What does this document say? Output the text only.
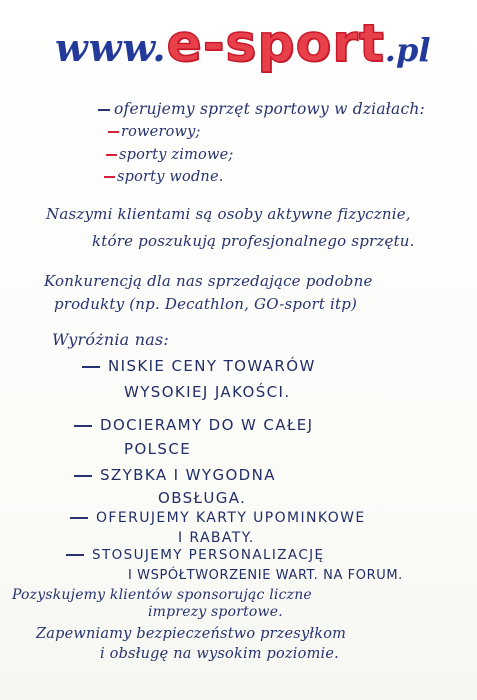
www.e-sport.pl
oferujemy sprzęt sportowy w działach:
rowerowy;
sporty zimowe;
sporty wodne.
Naszymi klientami są osoby aktywne fizycznie,
które poszukują profesjonalnego sprzętu.
Konkurencją dla nas sprzedające podobne
produkty (np. Decathlon, GO-sport itp)
Wyróżnia nas:
NISKIE CENY TOWARÓW
WYSOKIEJ JAKOŚCI.
DOCIERAMY DO W CAŁEJ
POLSCE
SZYBKA I WYGODNA
OBSŁUGA.
OFERUJEMY KARTY UPOMINKOWE
I RABATY.
STOSUJEMY PERSONALIZACJĘ
I WSPÓŁTWORZENIE WART. NA FORUM.
Pozyskujemy klientów sponsorując liczne
imprezy sportowe.
Zapewniamy bezpieczeństwo przesyłkom
i obsługę na wysokim poziomie.
